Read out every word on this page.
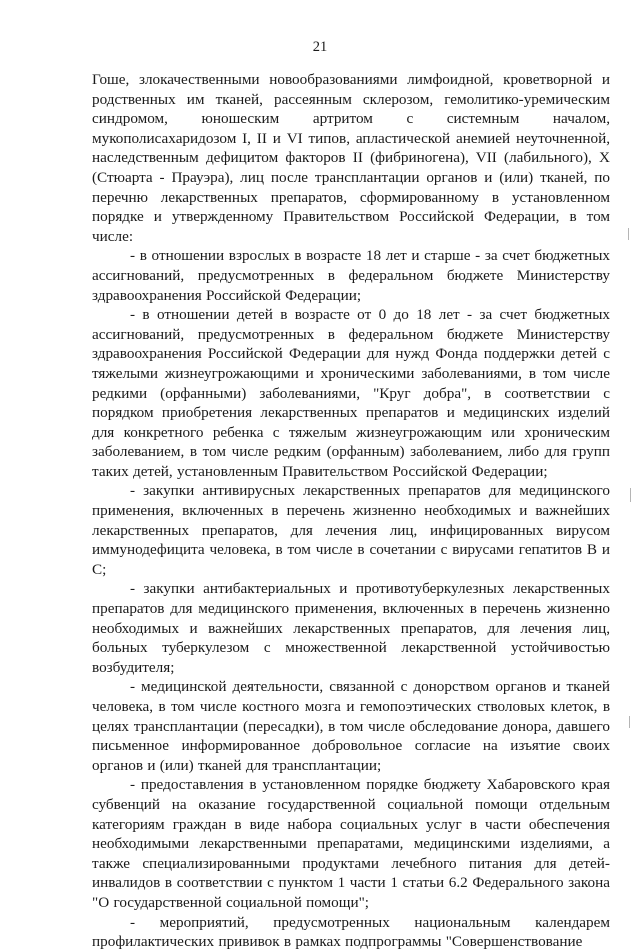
21

Гоше, злокачественными новообразованиями лимфоидной, кроветворной и родственных им тканей, рассеянным склерозом, гемолитико-уремическим синдромом, юношеским артритом с системным началом, мукополисахаридозом I, II и VI типов, апластической анемией неуточненной, наследственным дефицитом факторов II (фибриногена), VII (лабильного), X (Стюарта - Прауэра), лиц после трансплантации органов и (или) тканей, по перечню лекарственных препаратов, сформированному в установленном порядке и утвержденному Правительством Российской Федерации, в том числе:

- в отношении взрослых в возрасте 18 лет и старше - за счет бюджетных ассигнований, предусмотренных в федеральном бюджете Министерству здравоохранения Российской Федерации;

- в отношении детей в возрасте от 0 до 18 лет - за счет бюджетных ассигнований, предусмотренных в федеральном бюджете Министерству здравоохранения Российской Федерации для нужд Фонда поддержки детей с тяжелыми жизнеугрожающими и хроническими заболеваниями, в том числе редкими (орфанными) заболеваниями, "Круг добра", в соответствии с порядком приобретения лекарственных препаратов и медицинских изделий для конкретного ребенка с тяжелым жизнеугрожающим или хроническим заболеванием, в том числе редким (орфанным) заболеванием, либо для групп таких детей, установленным Правительством Российской Федерации;

- закупки антивирусных лекарственных препаратов для медицинского применения, включенных в перечень жизненно необходимых и важнейших лекарственных препаратов, для лечения лиц, инфицированных вирусом иммунодефицита человека, в том числе в сочетании с вирусами гепатитов В и С;

- закупки антибактериальных и противотуберкулезных лекарственных препаратов для медицинского применения, включенных в перечень жизненно необходимых и важнейших лекарственных препаратов, для лечения лиц, больных туберкулезом с множественной лекарственной устойчивостью возбудителя;

- медицинской деятельности, связанной с донорством органов и тканей человека, в том числе костного мозга и гемопоэтических стволовых клеток, в целях трансплантации (пересадки), в том числе обследование донора, давшего письменное информированное добровольное согласие на изъятие своих органов и (или) тканей для трансплантации;

- предоставления в установленном порядке бюджету Хабаровского края субвенций на оказание государственной социальной помощи отдельным категориям граждан в виде набора социальных услуг в части обеспечения необходимыми лекарственными препаратами, медицинскими изделиями, а также специализированными продуктами лечебного питания для детей-инвалидов в соответствии с пунктом 1 части 1 статьи 6.2 Федерального закона "О государственной социальной помощи";

- мероприятий, предусмотренных национальным календарем профилактических прививок в рамках подпрограммы "Совершенствование
